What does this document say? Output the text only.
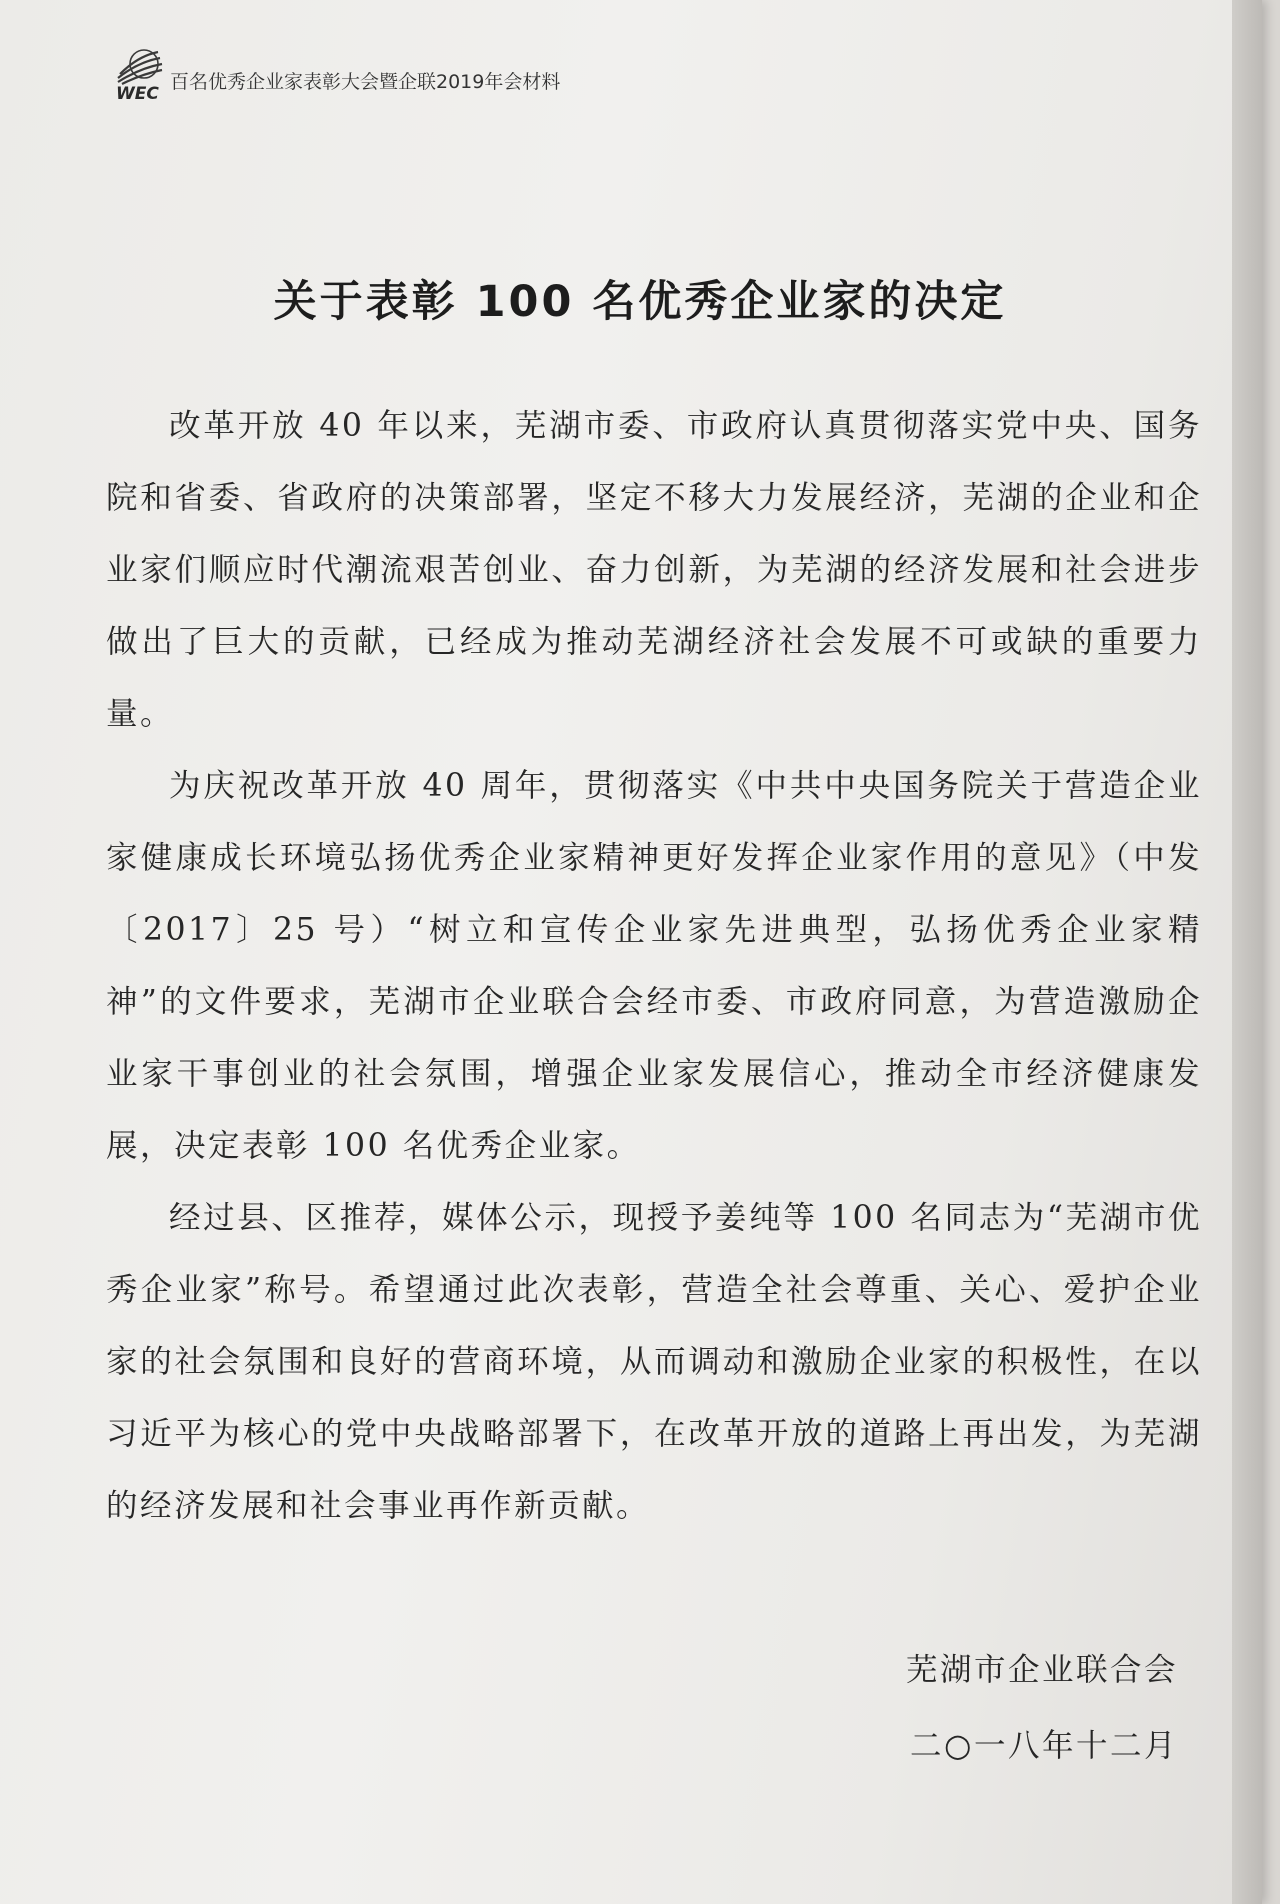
WEC
百名优秀企业家表彰大会暨企联2019年会材料
关于表彰 100 名优秀企业家的决定

改革开放 40 年以来，芜湖市委、市政府认真贯彻落实党中央、国务院和省委、省政府的决策部署，坚定不移大力发展经济，芜湖的企业和企业家们顺应时代潮流艰苦创业、奋力创新，为芜湖的经济发展和社会进步做出了巨大的贡献，已经成为推动芜湖经济社会发展不可或缺的重要力量。

为庆祝改革开放 40 周年，贯彻落实《中共中央国务院关于营造企业家健康成长环境弘扬优秀企业家精神更好发挥企业家作用的意见》（中发〔2017〕25 号）“树立和宣传企业家先进典型，弘扬优秀企业家精神”的文件要求，芜湖市企业联合会经市委、市政府同意，为营造激励企业家干事创业的社会氛围，增强企业家发展信心，推动全市经济健康发展，决定表彰 100 名优秀企业家。

经过县、区推荐，媒体公示，现授予姜纯等 100 名同志为“芜湖市优秀企业家”称号。希望通过此次表彰，营造全社会尊重、关心、爱护企业家的社会氛围和良好的营商环境，从而调动和激励企业家的积极性，在以习近平为核心的党中央战略部署下，在改革开放的道路上再出发，为芜湖的经济发展和社会事业再作新贡献。

芜湖市企业联合会
二○一八年十二月
